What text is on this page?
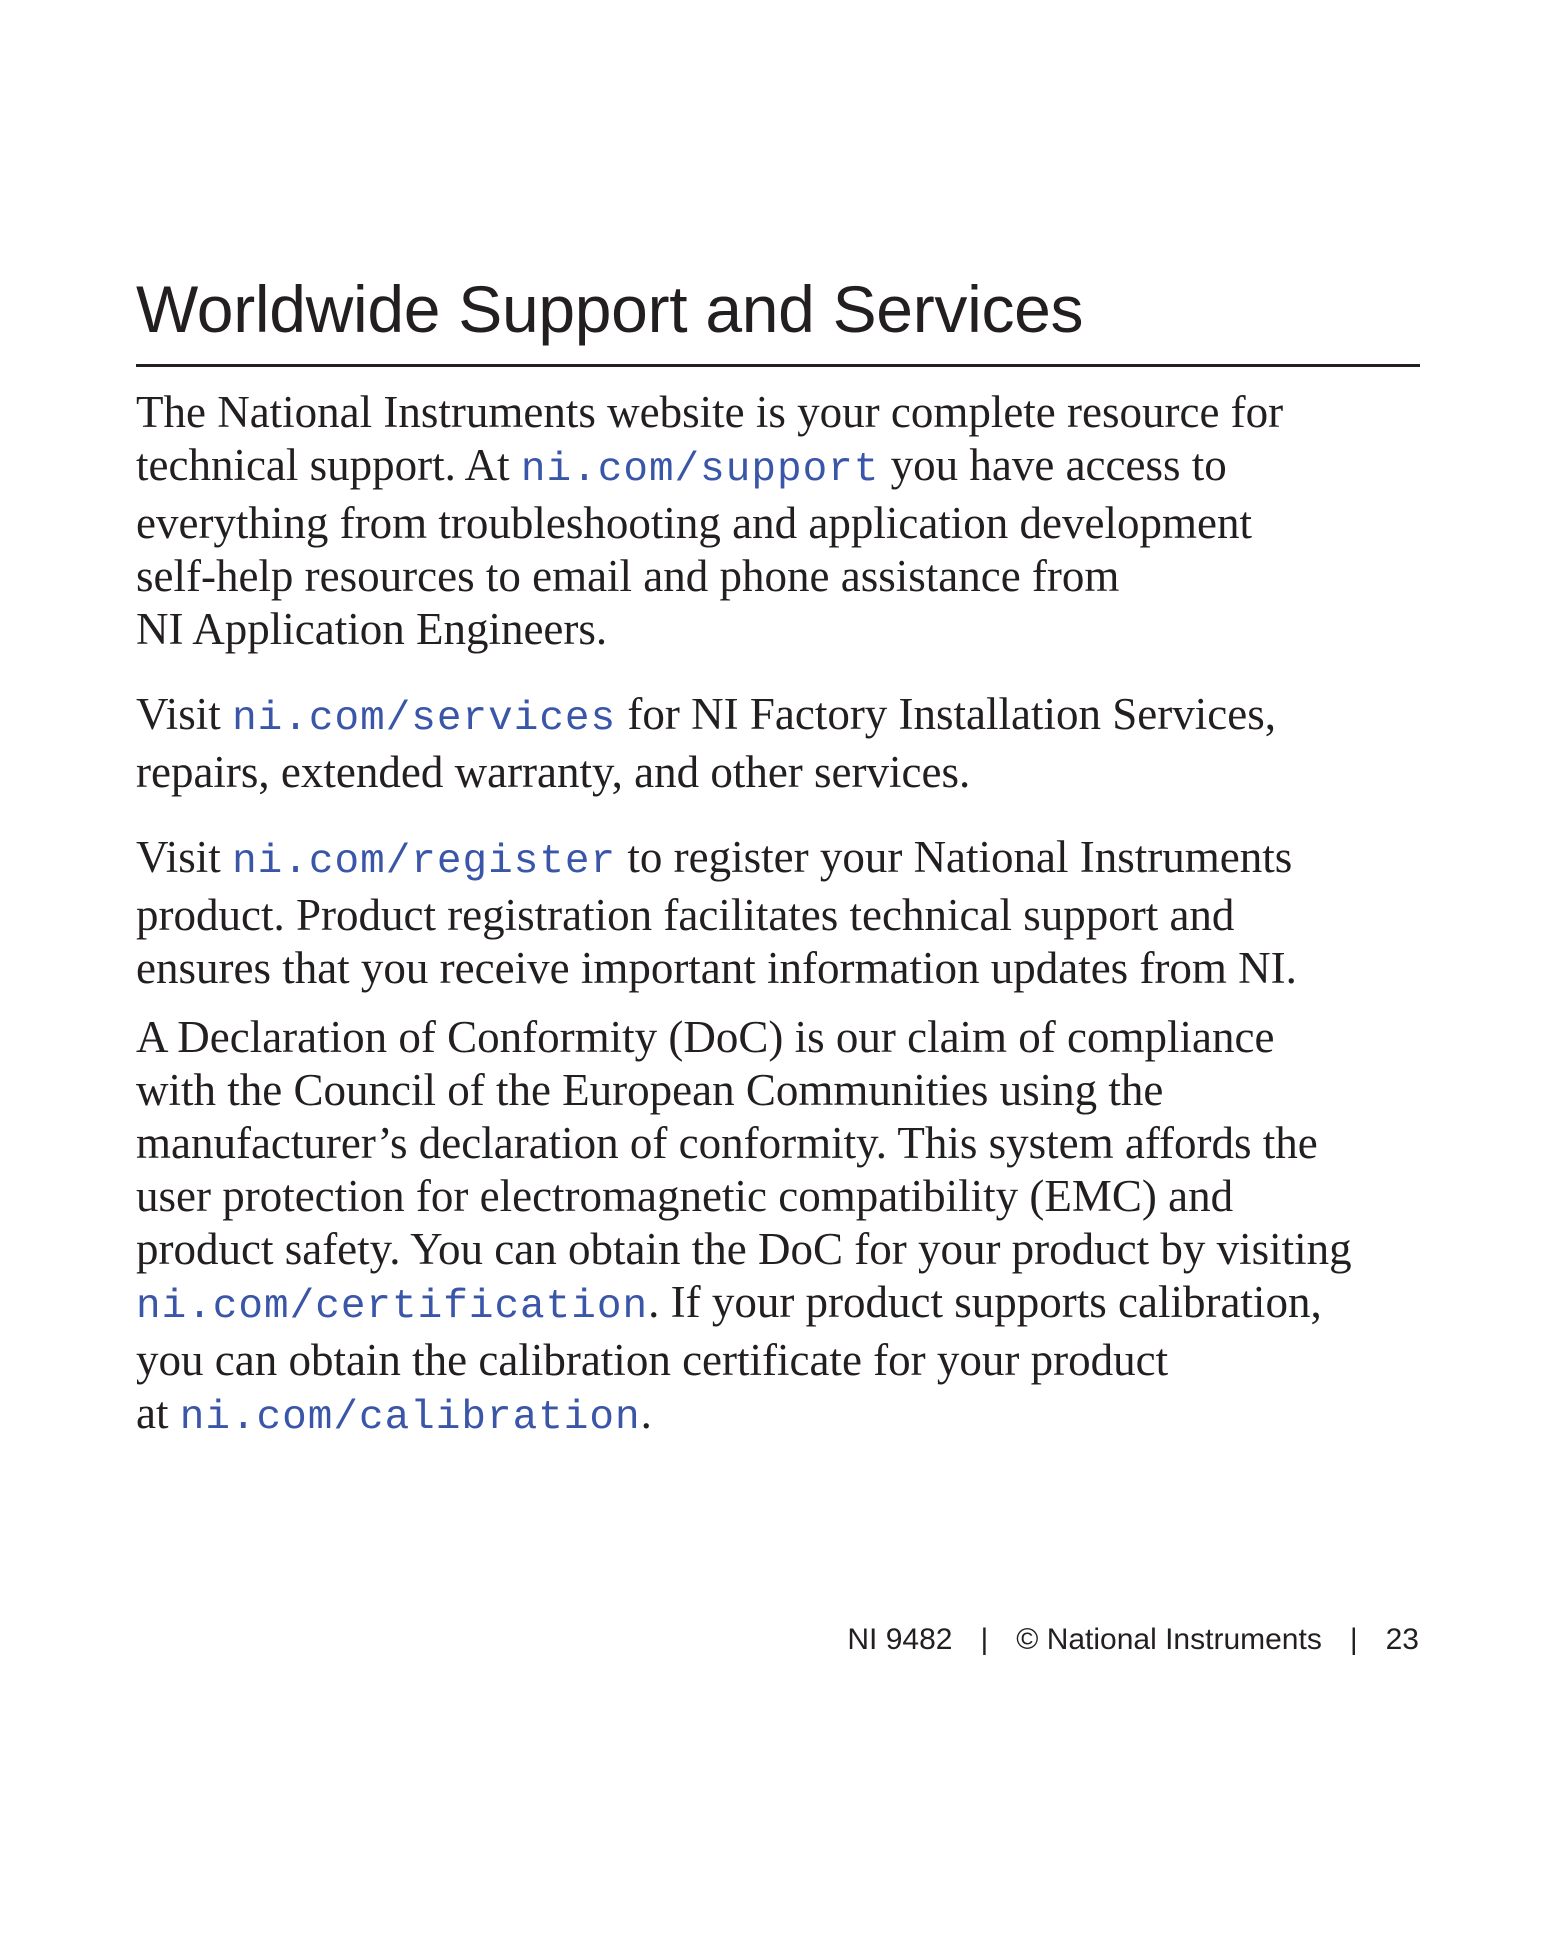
Worldwide Support and Services

The National Instruments website is your complete resource for

technical support. At ni.com/support you have access to

everything from troubleshooting and application development

self-help resources to email and phone assistance from

NI Application Engineers.

Visit ni.com/services for NI Factory Installation Services,

repairs, extended warranty, and other services.

Visit ni.com/register to register your National Instruments

product. Product registration facilitates technical support and

ensures that you receive important information updates from NI.

A Declaration of Conformity (DoC) is our claim of compliance

with the Council of the European Communities using the

manufacturer’s declaration of conformity. This system affords the

user protection for electromagnetic compatibility (EMC) and

product safety. You can obtain the DoC for your product by visiting

ni.com/certification. If your product supports calibration,

you can obtain the calibration certificate for your product

at ni.com/calibration.

NI 9482 | © National Instruments | 23
